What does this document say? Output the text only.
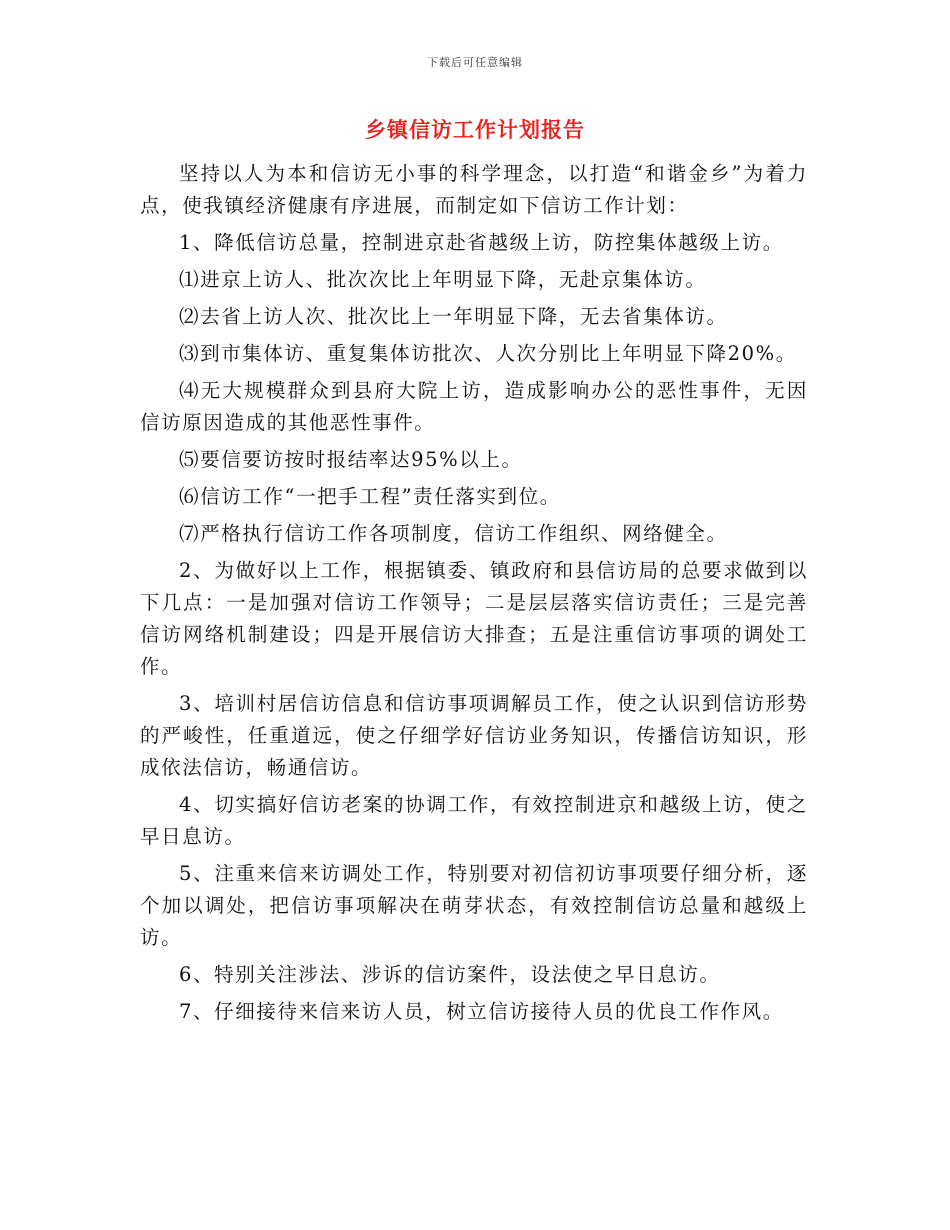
下载后可任意编辑
乡镇信访工作计划报告

坚持以人为本和信访无小事的科学理念，以打造“和谐金乡”为着力点，使我镇经济健康有序进展，而制定如下信访工作计划：

1、降低信访总量，控制进京赴省越级上访，防控集体越级上访。

⑴进京上访人、批次次比上年明显下降，无赴京集体访。

⑵去省上访人次、批次比上一年明显下降，无去省集体访。

⑶到市集体访、重复集体访批次、人次分别比上年明显下降20%。

⑷无大规模群众到县府大院上访，造成影响办公的恶性事件，无因信访原因造成的其他恶性事件。

⑸要信要访按时报结率达95%以上。

⑹信访工作“一把手工程”责任落实到位。

⑺严格执行信访工作各项制度，信访工作组织、网络健全。

2、为做好以上工作，根据镇委、镇政府和县信访局的总要求做到以下几点：一是加强对信访工作领导；二是层层落实信访责任；三是完善信访网络机制建设；四是开展信访大排查；五是注重信访事项的调处工作。

3、培训村居信访信息和信访事项调解员工作，使之认识到信访形势的严峻性，任重道远，使之仔细学好信访业务知识，传播信访知识，形成依法信访，畅通信访。

4、切实搞好信访老案的协调工作，有效控制进京和越级上访，使之早日息访。

5、注重来信来访调处工作，特别要对初信初访事项要仔细分析，逐个加以调处，把信访事项解决在萌芽状态，有效控制信访总量和越级上访。

6、特别关注涉法、涉诉的信访案件，设法使之早日息访。

7、仔细接待来信来访人员，树立信访接待人员的优良工作作风。
